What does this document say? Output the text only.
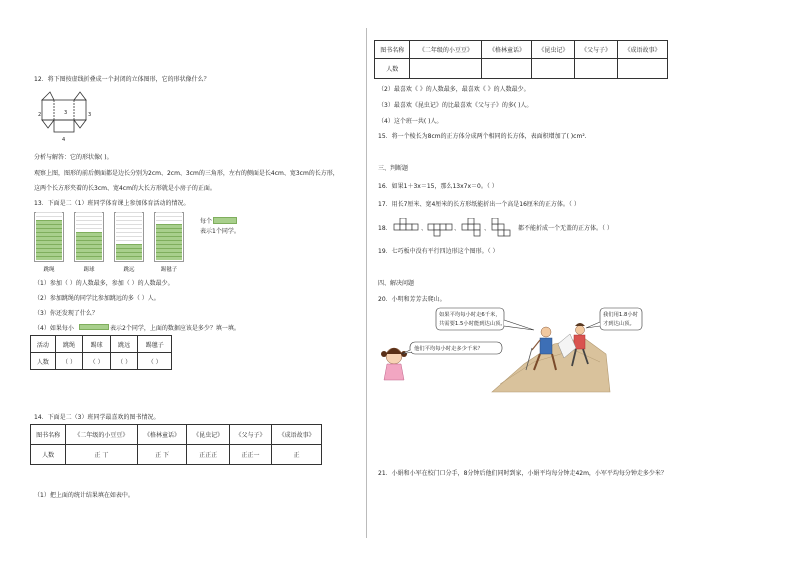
12．将下图按虚线折叠成一个封闭的立体图形，它的形状像什么？
2	3	3
4
分析与解答：它的形状像( )。
观察上图，图形的前后侧面都是边长分别为2cm、2cm、3cm的三角形，左右的侧面是长4cm、宽3cm的长方形，
这两个长方形夹着的长3cm、宽4cm的大长方形就是小房子的正面。
13．下面是二（1）班同学体育课上参加体育活动的情况。
跳绳	踢球	跳远	踢毽子
每个
表示1个同学。
（1）参加（ ）的人数最多，参加（ ）的人数最少。
（2）参加跳绳的同学比参加跳远的多（ ）人。
（3）你还发现了什么？
（4）如果每小	表示2个同学，上面的数据应该是多少？填一填。
活动	跳绳	踢球	跳远	踢毽子
人数	（ ）	（ ）	（ ）	（ ）
14．下面是二（3）班同学最喜欢的图书情况。
图书名称	《二年级的小豆豆》	《格林童话》	《昆虫记》	《父与子》	《成语故事》
人数	正 丅	正 下	正正正	正正一	正
（1）把上面的统计结果填在如表中。
图书名称	《二年级的小豆豆》	《格林童话》	《昆虫记》	《父与子》	《成语故事》
人数					
（2）最喜欢《 》的人数最多，最喜欢《 》的人数最少。
（3）最喜欢《昆虫记》的比最喜欢《父与子》的多( )人。
（4）这个班一共( )人。
15．将一个棱长为8cm的正方体分成两个相同的长方体，表面积增加了( )cm².
三、判断题
16．如果1＋3x＝15，那么13x7x＝0。（ ）
17．用长7厘米、宽4厘米的长方形纸能折出一个高是16厘米的正方体。（ ）
18．	、	、	、	都不能折成一个无盖的正方体。（ ）
19．七巧板中没有平行四边形这个图形。（ ）
四、解决问题
20．小明和芳芳去爬山。
如果平均每小时走6千米，
共需要1.5小时能到达山顶。
我们用1.8小时
才到达山顶。
他们平均每小时走多少千米？
21．小娟和小军在校门口分手，8分钟后他们同时到家，小娟平均每分钟走42m，小军平均每分钟走多少米？
